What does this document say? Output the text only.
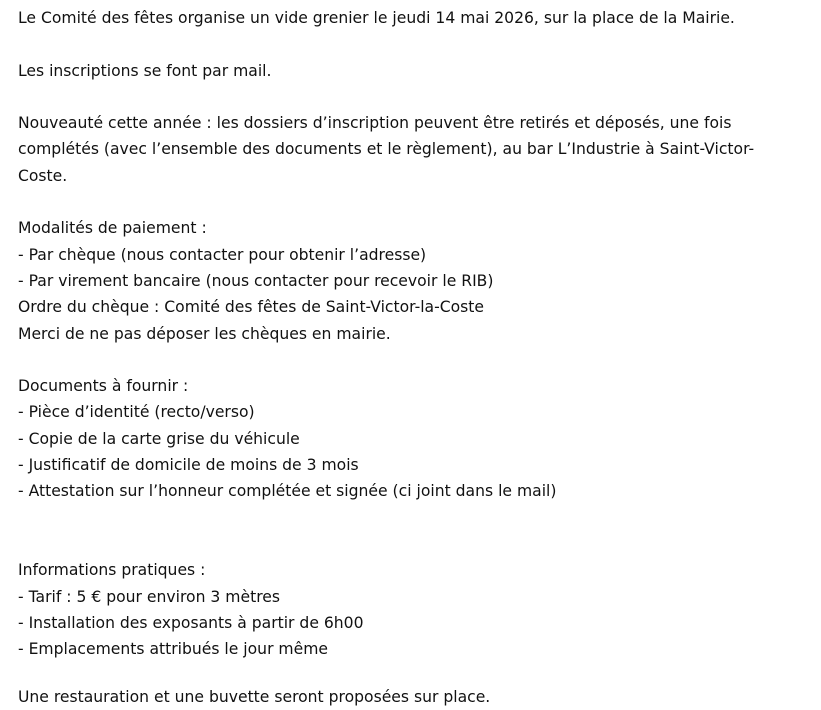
Le Comité des fêtes organise un vide grenier le jeudi 14 mai 2026, sur la place de la Mairie.
Les inscriptions se font par mail.
Nouveauté cette année : les dossiers d’inscription peuvent être retirés et déposés, une fois
complétés (avec l’ensemble des documents et le règlement), au bar L’Industrie à Saint-Victor-
Coste.
Modalités de paiement :
- Par chèque (nous contacter pour obtenir l’adresse)
- Par virement bancaire (nous contacter pour recevoir le RIB)
Ordre du chèque : Comité des fêtes de Saint-Victor-la-Coste
Merci de ne pas déposer les chèques en mairie.
Documents à fournir :
- Pièce d’identité (recto/verso)
- Copie de la carte grise du véhicule
- Justificatif de domicile de moins de 3 mois
- Attestation sur l’honneur complétée et signée (ci joint dans le mail)
Informations pratiques :
- Tarif : 5 € pour environ 3 mètres
- Installation des exposants à partir de 6h00
- Emplacements attribués le jour même
Une restauration et une buvette seront proposées sur place.
